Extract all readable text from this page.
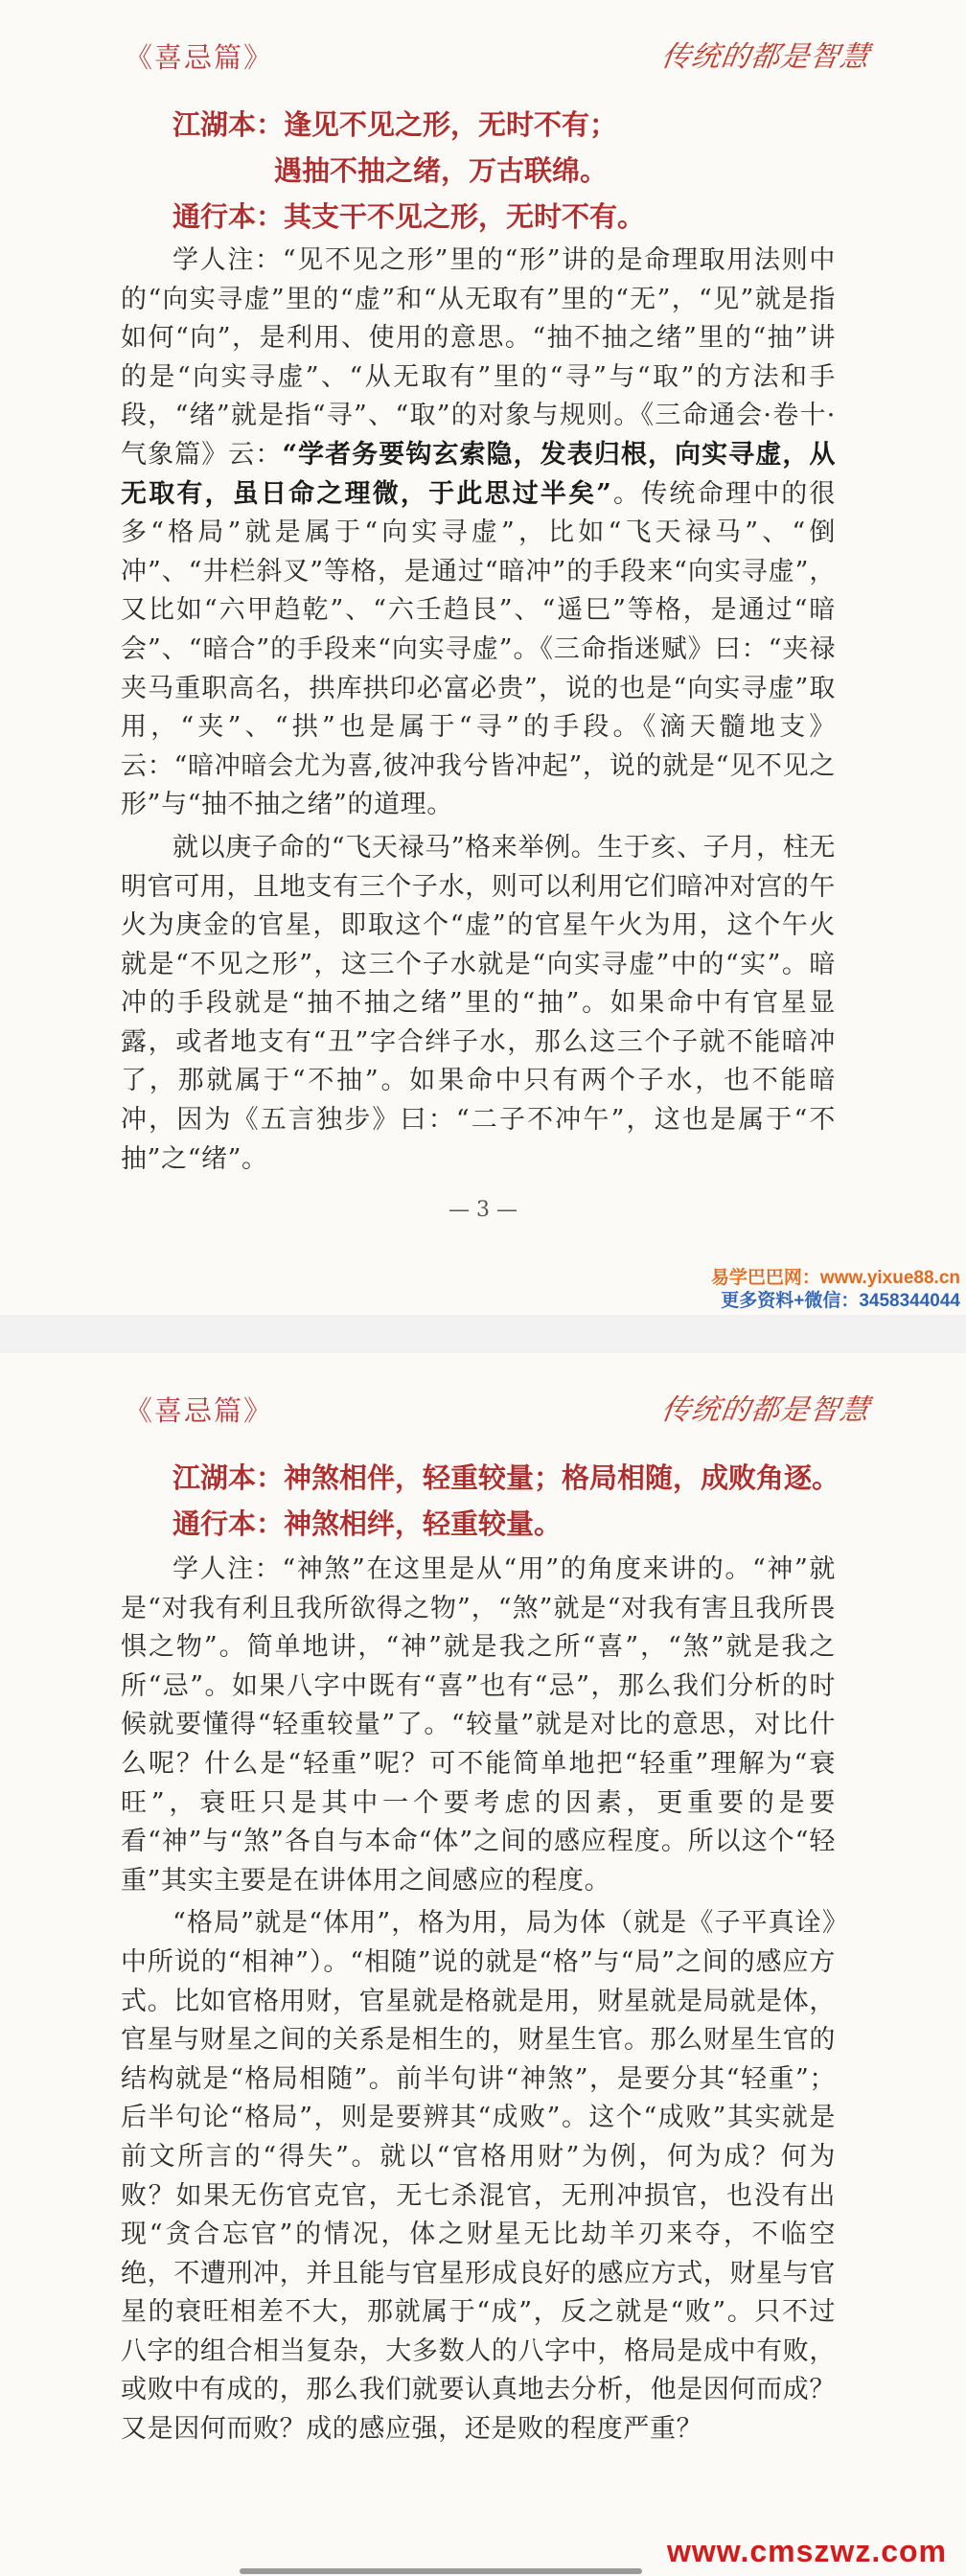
《喜忌篇》	传统的都是智慧
江湖本：逢见不见之形，无时不有；
遇抽不抽之绪，万古联绵。
通行本：其支干不见之形，无时不有。

学人注：“见不见之形”里的“形”讲的是命理取用法则中的“向实寻虚”里的“虚”和“从无取有”里的“无”，“见”就是指如何“向”，是利用、使用的意思。“抽不抽之绪”里的“抽”讲的是“向实寻虚”、“从无取有”里的“寻”与“取”的方法和手段，“绪”就是指“寻”、“取”的对象与规则。《三命通会·卷十·气象篇》云：“学者务要钩玄索隐，发表归根，向实寻虚，从无取有，虽日命之理微，于此思过半矣”。传统命理中的很多“格局”就是属于“向实寻虚”，比如“飞天禄马”、“倒冲”、“井栏斜叉”等格，是通过“暗冲”的手段来“向实寻虚”，又比如“六甲趋乾”、“六壬趋艮”、“遥巳”等格，是通过“暗会”、“暗合”的手段来“向实寻虚”。《三命指迷赋》曰：“夹禄夹马重职高名，拱库拱印必富必贵”，说的也是“向实寻虚”取用，“夹”、“拱”也是属于“寻”的手段。《滴天髓地支》云：“暗冲暗会尤为喜,彼冲我兮皆冲起”，说的就是“见不见之形”与“抽不抽之绪”的道理。

就以庚子命的“飞天禄马”格来举例。生于亥、子月，柱无明官可用，且地支有三个子水，则可以利用它们暗冲对宫的午火为庚金的官星，即取这个“虚”的官星午火为用，这个午火就是“不见之形”，这三个子水就是“向实寻虚”中的“实”。暗冲的手段就是“抽不抽之绪”里的“抽”。如果命中有官星显露，或者地支有“丑”字合绊子水，那么这三个子就不能暗冲了，那就属于“不抽”。如果命中只有两个子水，也不能暗冲，因为《五言独步》曰：“二子不冲午”，这也是属于“不抽”之“绪”。

— 3 —
易学巴巴网：www.yixue88.cn
更多资料+微信：3458344044
《喜忌篇》	传统的都是智慧
江湖本：神煞相伴，轻重较量；格局相随，成败角逐。
通行本：神煞相绊，轻重较量。

学人注：“神煞”在这里是从“用”的角度来讲的。“神”就是“对我有利且我所欲得之物”，“煞”就是“对我有害且我所畏惧之物”。简单地讲，“神”就是我之所“喜”，“煞”就是我之所“忌”。如果八字中既有“喜”也有“忌”，那么我们分析的时候就要懂得“轻重较量”了。“较量”就是对比的意思，对比什么呢？什么是“轻重”呢？可不能简单地把“轻重”理解为“衰旺”，衰旺只是其中一个要考虑的因素，更重要的是要看“神”与“煞”各自与本命“体”之间的感应程度。所以这个“轻重”其实主要是在讲体用之间感应的程度。

“格局”就是“体用”，格为用，局为体（就是《子平真诠》中所说的“相神”）。“相随”说的就是“格”与“局”之间的感应方式。比如官格用财，官星就是格就是用，财星就是局就是体，官星与财星之间的关系是相生的，财星生官。那么财星生官的结构就是“格局相随”。前半句讲“神煞”，是要分其“轻重”；后半句论“格局”，则是要辨其“成败”。这个“成败”其实就是前文所言的“得失”。就以“官格用财”为例，何为成？何为败？如果无伤官克官，无七杀混官，无刑冲损官，也没有出现“贪合忘官”的情况，体之财星无比劫羊刃来夺，不临空绝，不遭刑冲，并且能与官星形成良好的感应方式，财星与官星的衰旺相差不大，那就属于“成”，反之就是“败”。只不过八字的组合相当复杂，大多数人的八字中，格局是成中有败，或败中有成的，那么我们就要认真地去分析，他是因何而成？又是因何而败？成的感应强，还是败的程度严重？

www.cmszwz.com
